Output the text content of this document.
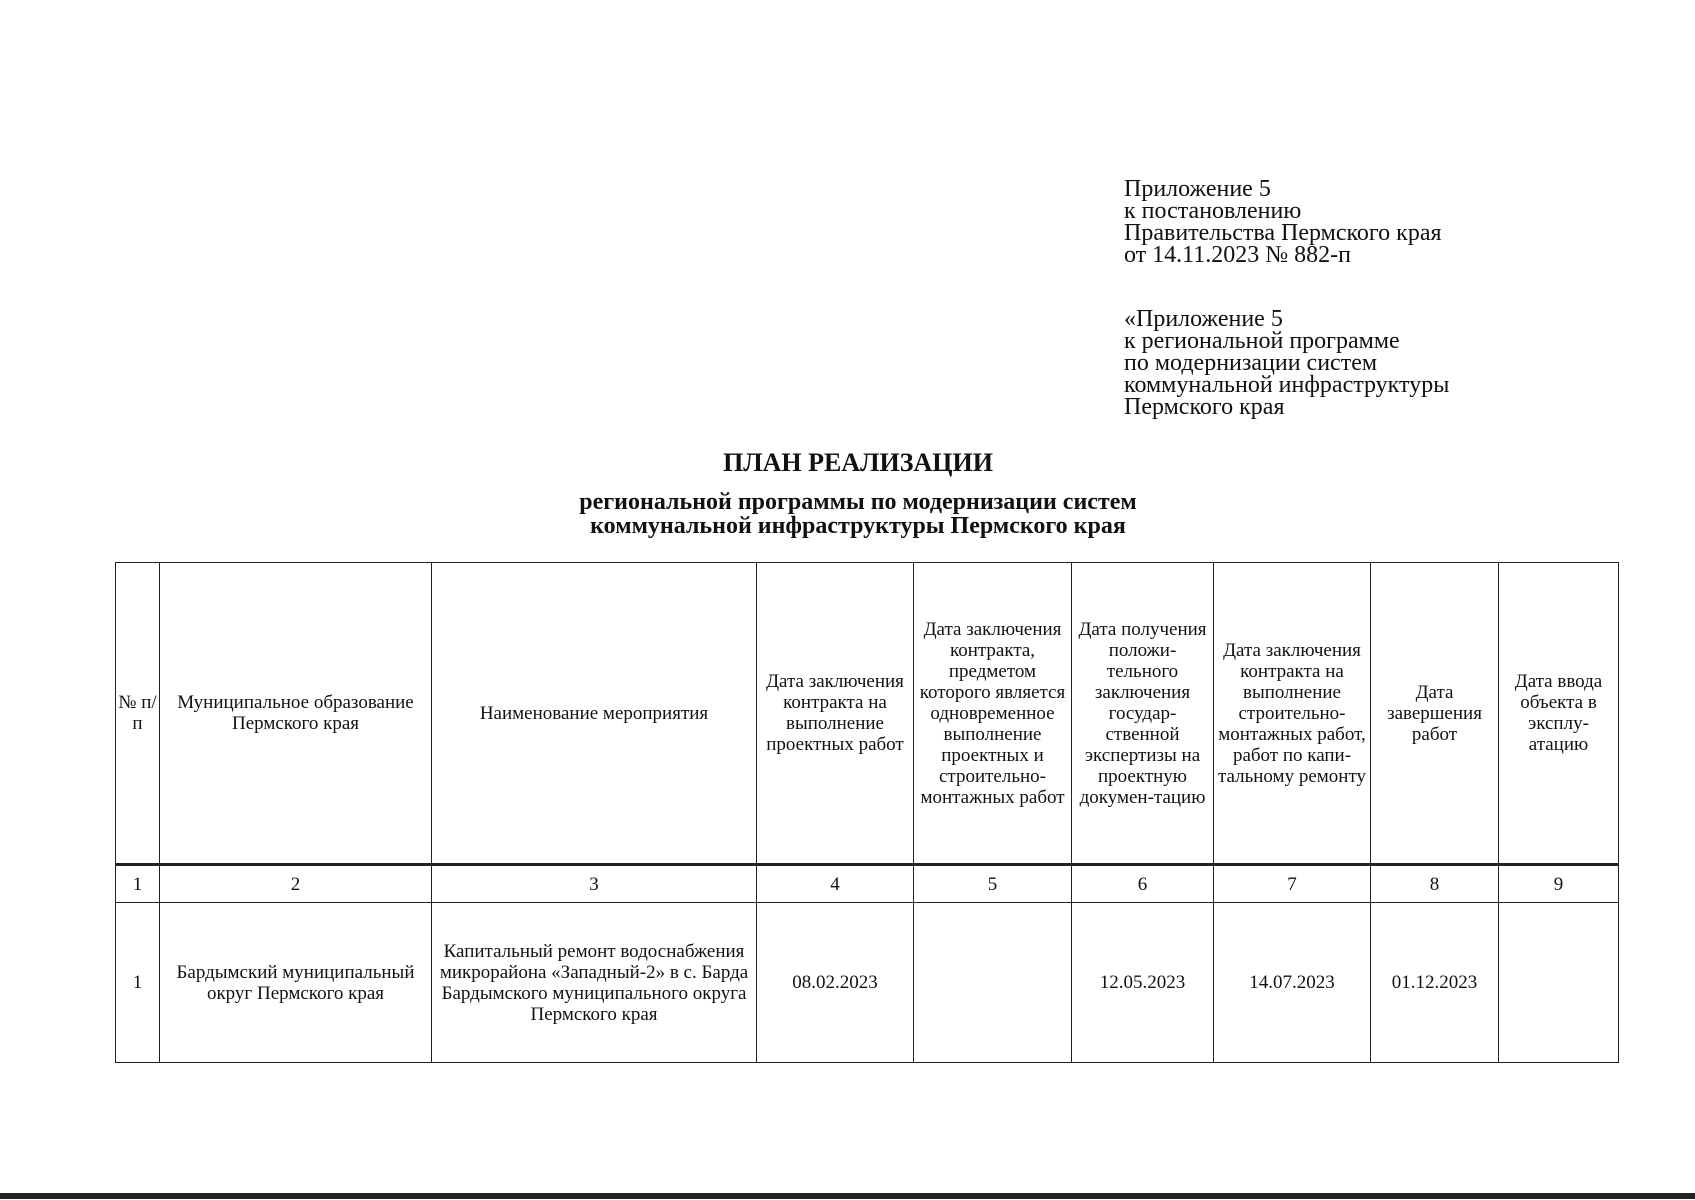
Приложение 5
к постановлению
Правительства Пермского края
от 14.11.2023 № 882-п
«Приложение 5
к региональной программе
по модернизации систем
коммунальной инфраструктуры
Пермского края
ПЛАН РЕАЛИЗАЦИИ
региональной программы по модернизации систем
коммунальной инфраструктуры Пермского края
№ п/п	Муниципальное образование Пермского края	Наименование мероприятия	Дата заключения контракта на выполнение проектных работ	Дата заключения контракта, предметом которого является одновременное выполнение проектных и строительно-монтажных работ	Дата получения положи-тельного заключения государ-ственной экспертизы на проектную докумен-тацию	Дата заключения контракта на выполнение строительно-монтажных работ, работ по капи-тальному ремонту	Дата завершения работ	Дата ввода объекта в эксплу-атацию
1	2	3	4	5	6	7	8	9
1	Бардымский муниципальный округ Пермского края	Капитальный ремонт водоснабжения микрорайона «Западный-2» в с. Барда Бардымского муниципального округа Пермского края	08.02.2023		12.05.2023	14.07.2023	01.12.2023	
